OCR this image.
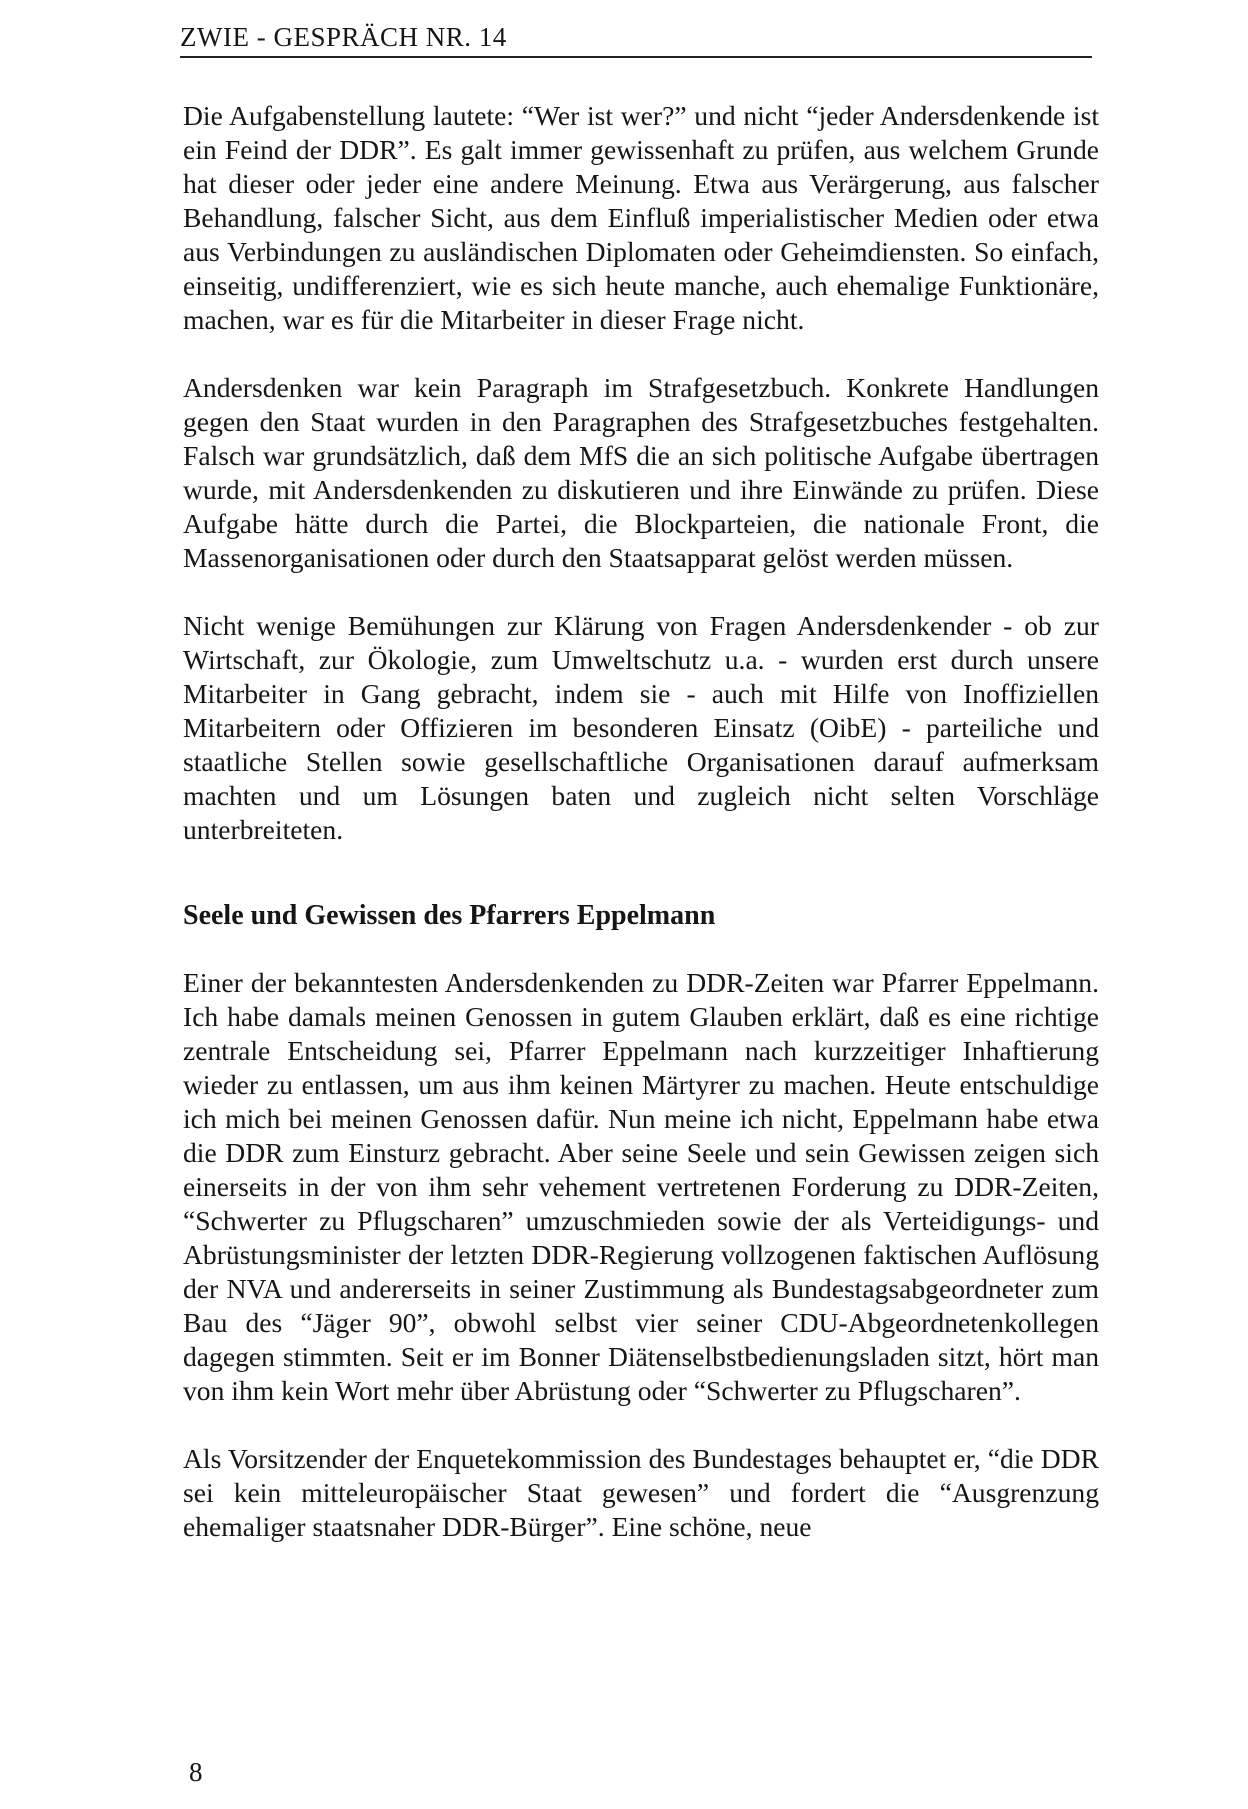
ZWIE - GESPRÄCH NR. 14

Die Aufgabenstellung lautete: “Wer ist wer?” und nicht “jeder Andersdenkende ist ein Feind der DDR”. Es galt immer gewissenhaft zu prüfen, aus welchem Grunde hat dieser oder jeder eine andere Meinung. Etwa aus Verärgerung, aus falscher Behandlung, falscher Sicht, aus dem Einfluß imperialistischer Medien oder etwa aus Verbindungen zu ausländischen Diplomaten oder Geheimdiensten. So einfach, einseitig, undifferenziert, wie es sich heute manche, auch ehemalige Funktionäre, machen, war es für die Mitarbeiter in dieser Frage nicht.

Andersdenken war kein Paragraph im Strafgesetzbuch. Konkrete Handlungen gegen den Staat wurden in den Paragraphen des Strafgesetzbuches festgehalten. Falsch war grundsätzlich, daß dem MfS die an sich politische Aufgabe übertragen wurde, mit Andersdenkenden zu diskutieren und ihre Einwände zu prüfen. Diese Aufgabe hätte durch die Partei, die Blockparteien, die nationale Front, die Massenorganisationen oder durch den Staatsapparat gelöst werden müssen.

Nicht wenige Bemühungen zur Klärung von Fragen Andersdenkender - ob zur Wirtschaft, zur Ökologie, zum Umweltschutz u.a. - wurden erst durch unsere Mitarbeiter in Gang gebracht, indem sie - auch mit Hilfe von Inoffiziellen Mitarbeitern oder Offizieren im besonderen Einsatz (OibE) - parteiliche und staatliche Stellen sowie gesellschaftliche Organisationen darauf aufmerksam machten und um Lösungen baten und zugleich nicht selten Vorschläge unterbreiteten.

Seele und Gewissen des Pfarrers Eppelmann

Einer der bekanntesten Andersdenkenden zu DDR-Zeiten war Pfarrer Eppelmann. Ich habe damals meinen Genossen in gutem Glauben erklärt, daß es eine richtige zentrale Entscheidung sei, Pfarrer Eppelmann nach kurzzeitiger Inhaftierung wieder zu entlassen, um aus ihm keinen Märtyrer zu machen. Heute entschuldige ich mich bei meinen Genossen dafür. Nun meine ich nicht, Eppelmann habe etwa die DDR zum Einsturz gebracht. Aber seine Seele und sein Gewissen zeigen sich einerseits in der von ihm sehr vehement vertretenen Forderung zu DDR-Zeiten, “Schwerter zu Pflugscharen” umzuschmieden sowie der als Verteidigungs- und Abrüstungsminister der letzten DDR-Regierung vollzogenen faktischen Auflösung der NVA und andererseits in seiner Zustimmung als Bundestagsabgeordneter zum Bau des “Jäger 90”, obwohl selbst vier seiner CDU-Abgeordnetenkollegen dagegen stimmten. Seit er im Bonner Diätenselbstbedienungsladen sitzt, hört man von ihm kein Wort mehr über Abrüstung oder “Schwerter zu Pflugscharen”.

Als Vorsitzender der Enquetekommission des Bundestages behauptet er, “die DDR sei kein mitteleuropäischer Staat gewesen” und fordert die “Ausgrenzung ehemaliger staatsnaher DDR-Bürger”. Eine schöne, neue

8
